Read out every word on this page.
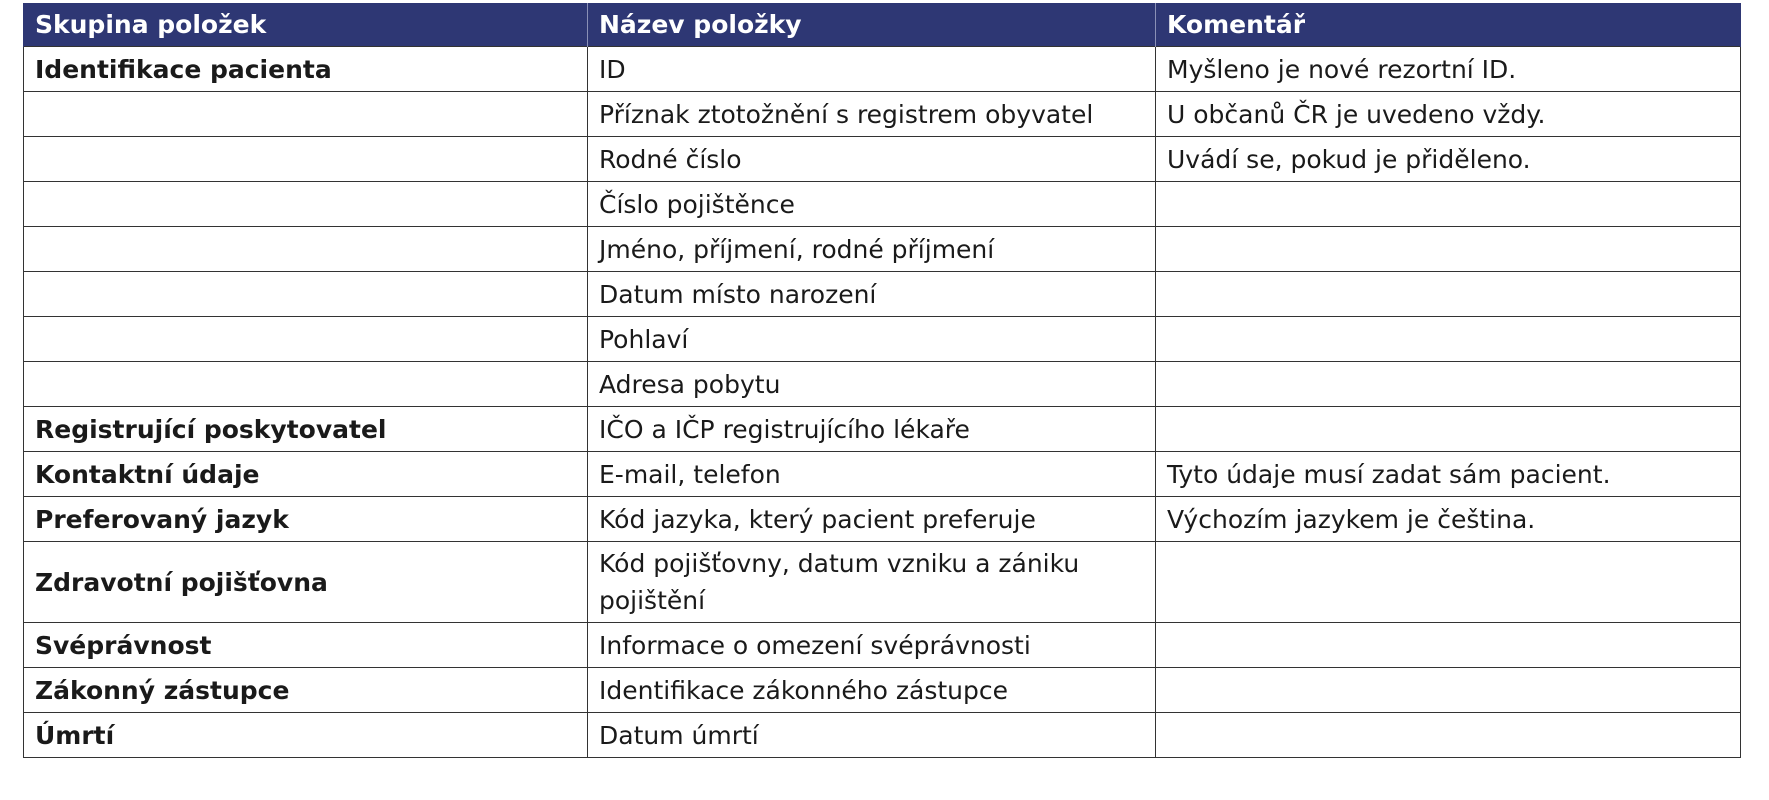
Skupina položek	Název položky	Komentář
Identifikace pacienta	ID	Myšleno je nové rezortní ID.
	Příznak ztotožnění s registrem obyvatel	U občanů ČR je uvedeno vždy.
	Rodné číslo	Uvádí se, pokud je přiděleno.
	Číslo pojištěnce	
	Jméno, příjmení, rodné příjmení	
	Datum místo narození	
	Pohlaví	
	Adresa pobytu	
Registrující poskytovatel	IČO a IČP registrujícího lékaře	
Kontaktní údaje	E-mail, telefon	Tyto údaje musí zadat sám pacient.
Preferovaný jazyk	Kód jazyka, který pacient preferuje	Výchozím jazykem je čeština.
Zdravotní pojišťovna	Kód pojišťovny, datum vzniku a zániku pojištění	
Svéprávnost	Informace o omezení svéprávnosti	
Zákonný zástupce	Identifikace zákonného zástupce	
Úmrtí	Datum úmrtí	
